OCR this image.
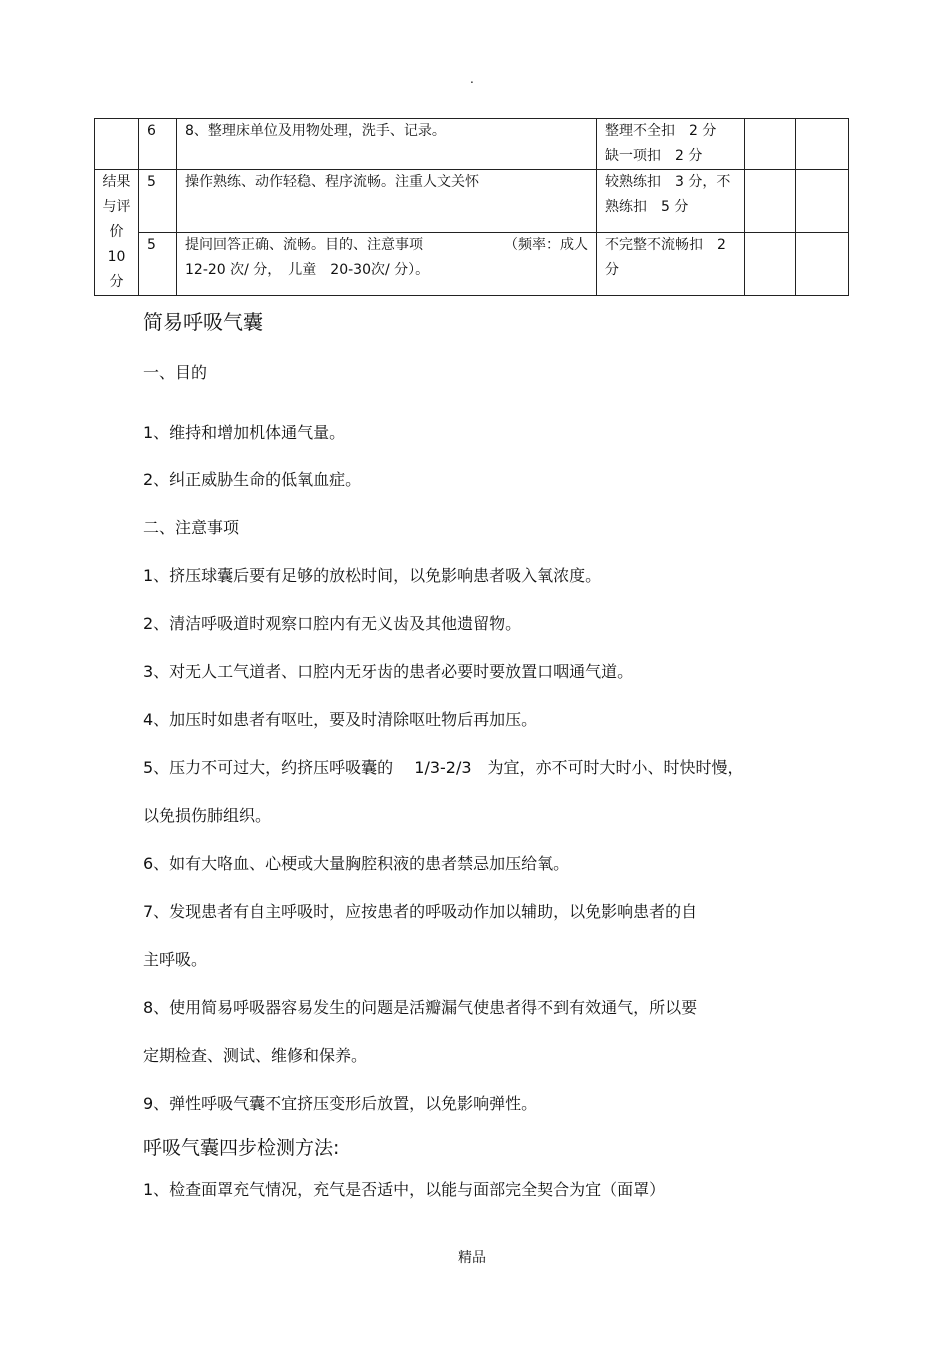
.
	6	8、整理床单位及用物处理，洗手、记录。	整理不全扣　2 分
缺一项扣　2 分		

结果与评价 10 分	5	操作熟练、动作轻稳、程序流畅。注重人文关怀	较熟练扣　3 分，不熟练扣　5 分		
	5	提问回答正确、流畅。目的、注意事项 （频率：成人
12-20 次/ 分，　儿童　20-30次/ 分）。	不完整不流畅扣　2 分		
简易呼吸气囊
一、目的
1、维持和增加机体通气量。
2、纠正威胁生命的低氧血症。
二、注意事项
1、挤压球囊后要有足够的放松时间，以免影响患者吸入氧浓度。
2、清洁呼吸道时观察口腔内有无义齿及其他遗留物。
3、对无人工气道者、口腔内无牙齿的患者必要时要放置口咽通气道。
4、加压时如患者有呕吐，要及时清除呕吐物后再加压。
5、压力不可过大，约挤压呼吸囊的　 1/3-2/3　为宜，亦不可时大时小、时快时慢，
以免损伤肺组织。
6、如有大咯血、心梗或大量胸腔积液的患者禁忌加压给氧。
7、发现患者有自主呼吸时，应按患者的呼吸动作加以辅助，以免影响患者的自
主呼吸。
8、使用简易呼吸器容易发生的问题是活瓣漏气使患者得不到有效通气，所以要
定期检查、测试、维修和保养。
9、弹性呼吸气囊不宜挤压变形后放置，以免影响弹性。
呼吸气囊四步检测方法:
1、检查面罩充气情况，充气是否适中，以能与面部完全契合为宜（面罩）
精品
